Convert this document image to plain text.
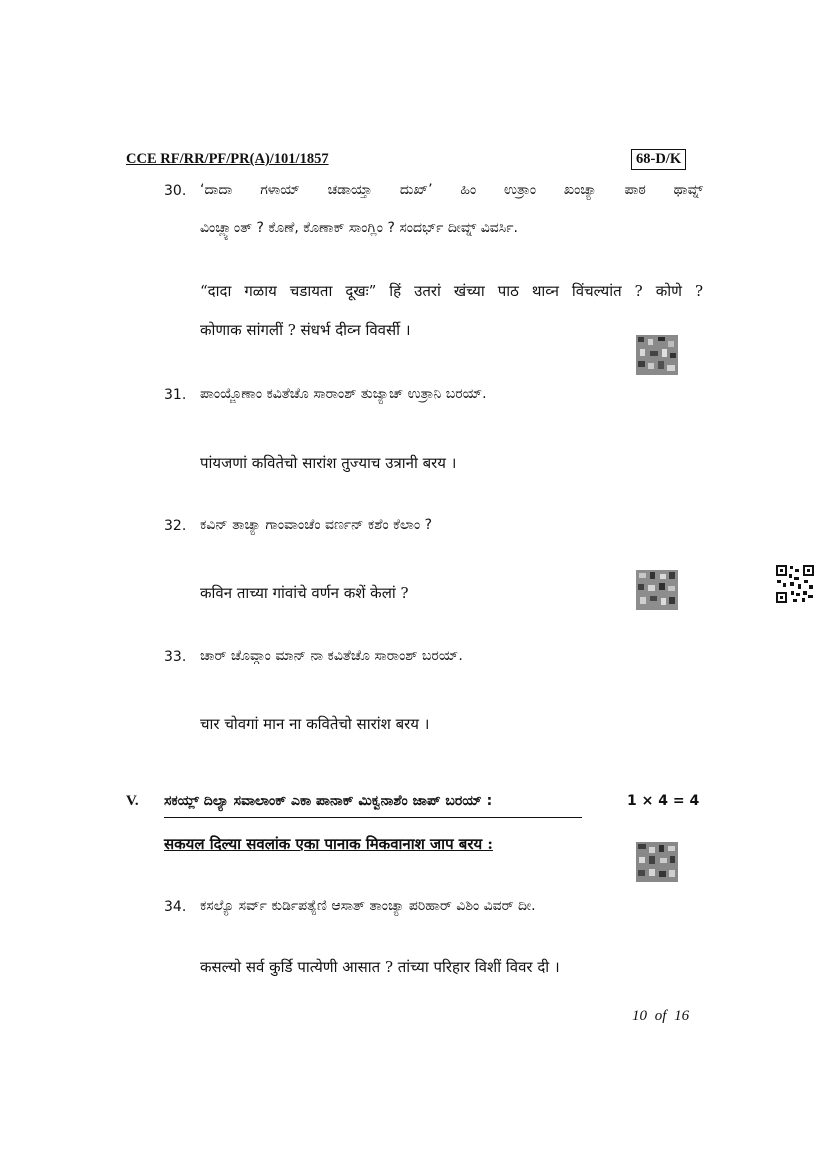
CCE RF/RR/PF/PR(A)/101/1857	68-D/K
30. ‘ದಾದಾ ಗಳಾಯ್ ಚಡಾಯ್ತಾ ದುಖ್’ ಹಿಂ ಉತ್ರಾಂ ಖಂಚ್ಯಾ ಪಾಠ ಥಾವ್ನ್
ವಿಂಚ್ಲ್ಯಾಂತ್ ? ಕೊಣೆ, ಕೊಣಾಕ್ ಸಾಂಗ್ಲಿಂ ? ಸಂದರ್ಭ್ ದೀವ್ನ್ ವಿವರ್ಸಿ.
“दादा गळाय चडायता दूखः” हिं उतरां खंच्या पाठ थाव्न विंचल्यांत ? कोणे ?
कोणाक सांगलीं ? संधर्भ दीव्न विवर्सी ।
31. ಪಾಂಯ್ಜೊಣಾಂ ಕವಿತೆಚೊ ಸಾರಾಂಶ್ ತುಜ್ಯಾಚ್ ಉತ್ರಾನಿ ಬರಯ್.
पांयजणां कवितेचो सारांश तुज्याच उत्रानी बरय ।
32. ಕವಿನ್ ತಾಚ್ಯಾ ಗಾಂವಾಂಚೆಂ ವರ್ಣನ್ ಕಶೆಂ ಕೆಲಾಂ ?
कविन ताच्या गांवांचे वर्णन कशें केलां ?
33. ಚಾರ್ ಚೊವ್ಗಾಂ ಮಾನ್ ನಾ ಕವಿತೆಚೊ ಸಾರಾಂಶ್ ಬರಯ್.
चार चोवगां मान ना कवितेचो सारांश बरय ।
V. ಸಕಯ್ಲ್ ದಿಲ್ಯಾ ಸವಾಲಾಂಕ್ ಎಕಾ ಪಾನಾಕ್ ಮಿಕ್ವನಾಶೆಂ ಜಾಪ್ ಬರಯ್ :	1 × 4 = 4
सकयल दिल्या सवलांक एका पानाक मिकवानाश जाप बरय :
34. ಕಸಲ್ಯೊ ಸರ್ವ್ ಕುರ್ಡಿಪತ್ಯೆಣಿ ಆಸಾತ್ ತಾಂಚ್ಯಾ ಪರಿಹಾರ್ ವಿಶಿಂ ವಿವರ್ ದೀ.
कसल्यो सर्व कुर्डि पात्येणी आसात ? तांच्या परिहार विशीं विवर दी ।
10 of 16
